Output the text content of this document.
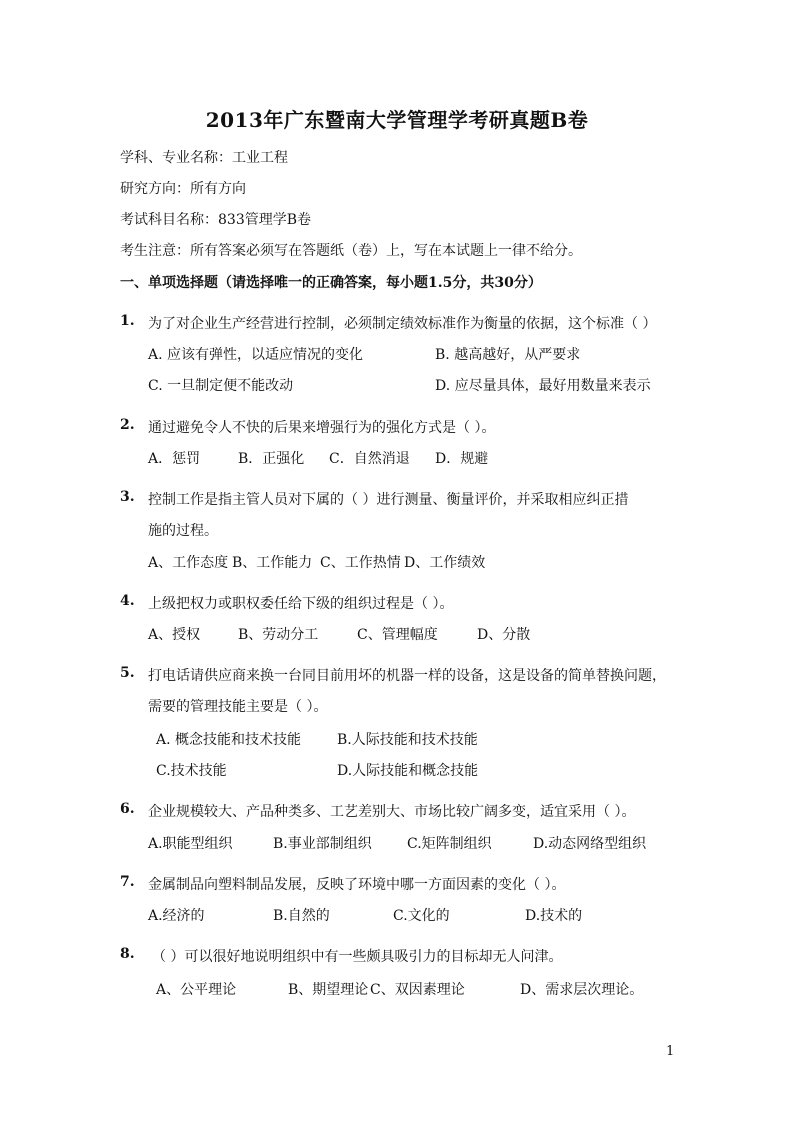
2013年广东暨南大学管理学考研真题B卷
学科、专业名称：工业工程
研究方向：所有方向
考试科目名称：833管理学B卷
考生注意：所有答案必须写在答题纸（卷）上，写在本试题上一律不给分。
一、单项选择题（请选择唯一的正确答案，每小题1.5分，共30分）
1. 为了对企业生产经营进行控制，必须制定绩效标准作为衡量的依据，这个标准（ ）
A. 应该有弹性，以适应情况的变化	B. 越高越好，从严要求
C. 一旦制定便不能改动	D. 应尽量具体，最好用数量来表示
2. 通过避免令人不快的后果来增强行为的强化方式是（ ）。
A．惩罚	B．正强化 C．自然消退 D．规避
3. 控制工作是指主管人员对下属的（ ）进行测量、衡量评价，并采取相应纠正措
施的过程。
A、工作态度 B、工作能力 C、工作热情 D、工作绩效
4. 上级把权力或职权委任给下级的组织过程是（ ）。
A、授权	B、劳动分工	C、管理幅度	D、分散
5. 打电话请供应商来换一台同目前用坏的机器一样的设备，这是设备的简单替换问题，
需要的管理技能主要是（ ）。
A. 概念技能和技术技能	B.人际技能和技术技能
C.技术技能	D.人际技能和概念技能
6. 企业规模较大、产品种类多、工艺差别大、市场比较广阔多变，适宜采用（ ）。
A.职能型组织	B.事业部制组织	C.矩阵制组织	D.动态网络型组织
7. 金属制品向塑料制品发展，反映了环境中哪一方面因素的变化（ ）。
A.经济的	B.自然的	C.文化的	D.技术的
8. （ ）可以很好地说明组织中有一些颇具吸引力的目标却无人问津。
A、公平理论	B、期望理论 C、双因素理论	D、需求层次理论。
1
